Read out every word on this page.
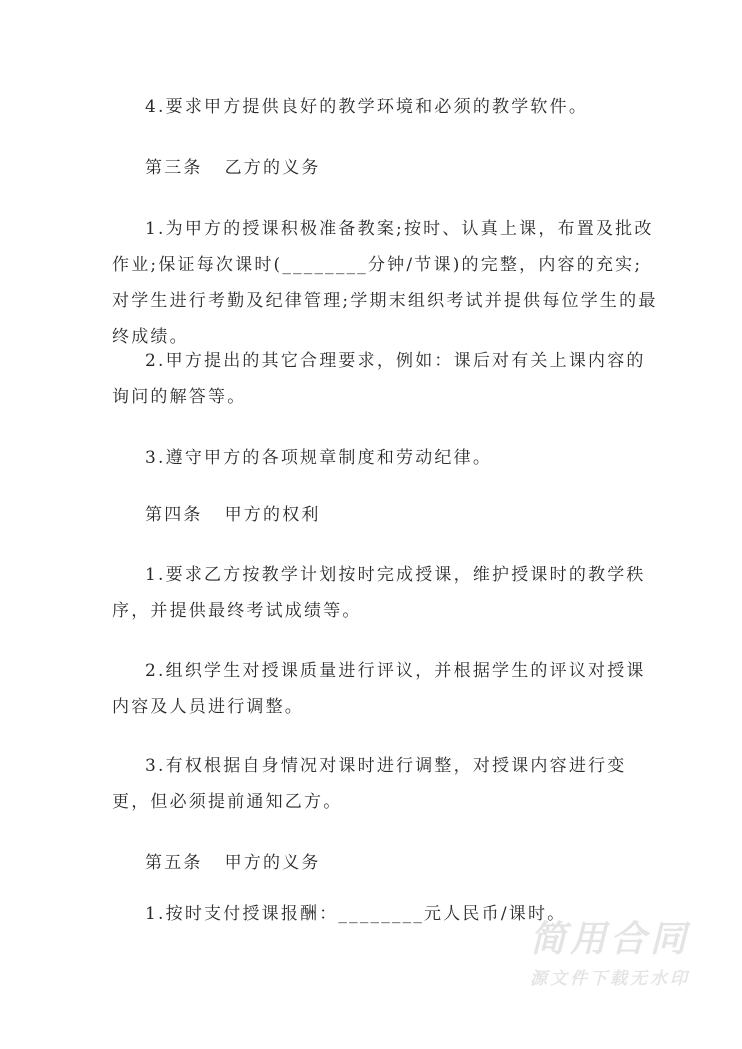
4.要求甲方提供良好的教学环境和必须的教学软件。

第三条 乙方的义务

1.为甲方的授课积极准备教案;按时、认真上课，布置及批改作业;保证每次课时(________分钟/节课)的完整，内容的充实;对学生进行考勤及纪律管理;学期末组织考试并提供每位学生的最终成绩。

2.甲方提出的其它合理要求，例如：课后对有关上课内容的询问的解答等。

3.遵守甲方的各项规章制度和劳动纪律。

第四条 甲方的权利

1.要求乙方按教学计划按时完成授课，维护授课时的教学秩序，并提供最终考试成绩等。

2.组织学生对授课质量进行评议，并根据学生的评议对授课内容及人员进行调整。

3.有权根据自身情况对课时进行调整，对授课内容进行变更，但必须提前通知乙方。

第五条 甲方的义务

1.按时支付授课报酬：________元人民币/课时。

简用合同
源文件下载无水印
